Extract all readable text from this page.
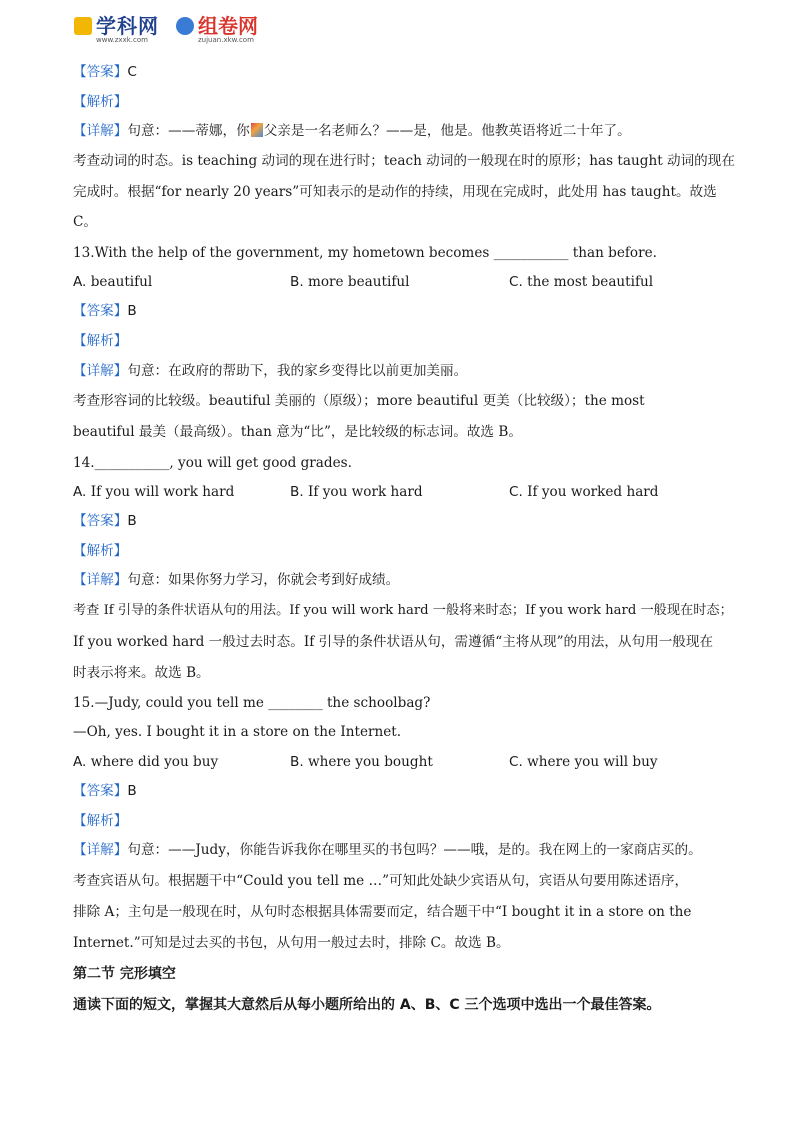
学科网
www.zxxk.com
组卷网
zujuan.xkw.com
【答案】C
【解析】
【详解】句意：——蒂娜，你 父亲是一名老师么？——是，他是。他教英语将近二十年了。
考查动词的时态。is teaching 动词的现在进行时；teach 动词的一般现在时的原形；has taught 动词的现在
完成时。根据“for nearly 20 years”可知表示的是动作的持续，用现在完成时，此处用 has taught。故选
C。
13.With the help of the government, my hometown becomes ___________ than before.
A. beautiful	B. more beautiful	C. the most beautiful
【答案】B
【解析】
【详解】句意：在政府的帮助下，我的家乡变得比以前更加美丽。
考查形容词的比较级。beautiful 美丽的（原级）；more beautiful 更美（比较级）；the most
beautiful 最美（最高级）。than 意为“比”，是比较级的标志词。故选 B。
14.___________, you will get good grades.
A. If you will work hard	B. If you work hard	C. If you worked hard
【答案】B
【解析】
【详解】句意：如果你努力学习，你就会考到好成绩。
考查 If 引导的条件状语从句的用法。If you will work hard 一般将来时态；If you work hard 一般现在时态；
If you worked hard 一般过去时态。If 引导的条件状语从句，需遵循“主将从现”的用法，从句用一般现在
时表示将来。故选 B。
15.—Judy, could you tell me ________ the schoolbag?
—Oh, yes. I bought it in a store on the Internet.
A. where did you buy	B. where you bought	C. where you will buy
【答案】B
【解析】
【详解】句意：——Judy，你能告诉我你在哪里买的书包吗？——哦，是的。我在网上的一家商店买的。
考查宾语从句。根据题干中“Could you tell me …”可知此处缺少宾语从句，宾语从句要用陈述语序，
排除 A；主句是一般现在时，从句时态根据具体需要而定，结合题干中“I bought it in a store on the
Internet.”可知是过去买的书包，从句用一般过去时，排除 C。故选 B。
第二节 完形填空
通读下面的短文，掌握其大意然后从每小题所给出的 A、B、C 三个选项中选出一个最佳答案。
